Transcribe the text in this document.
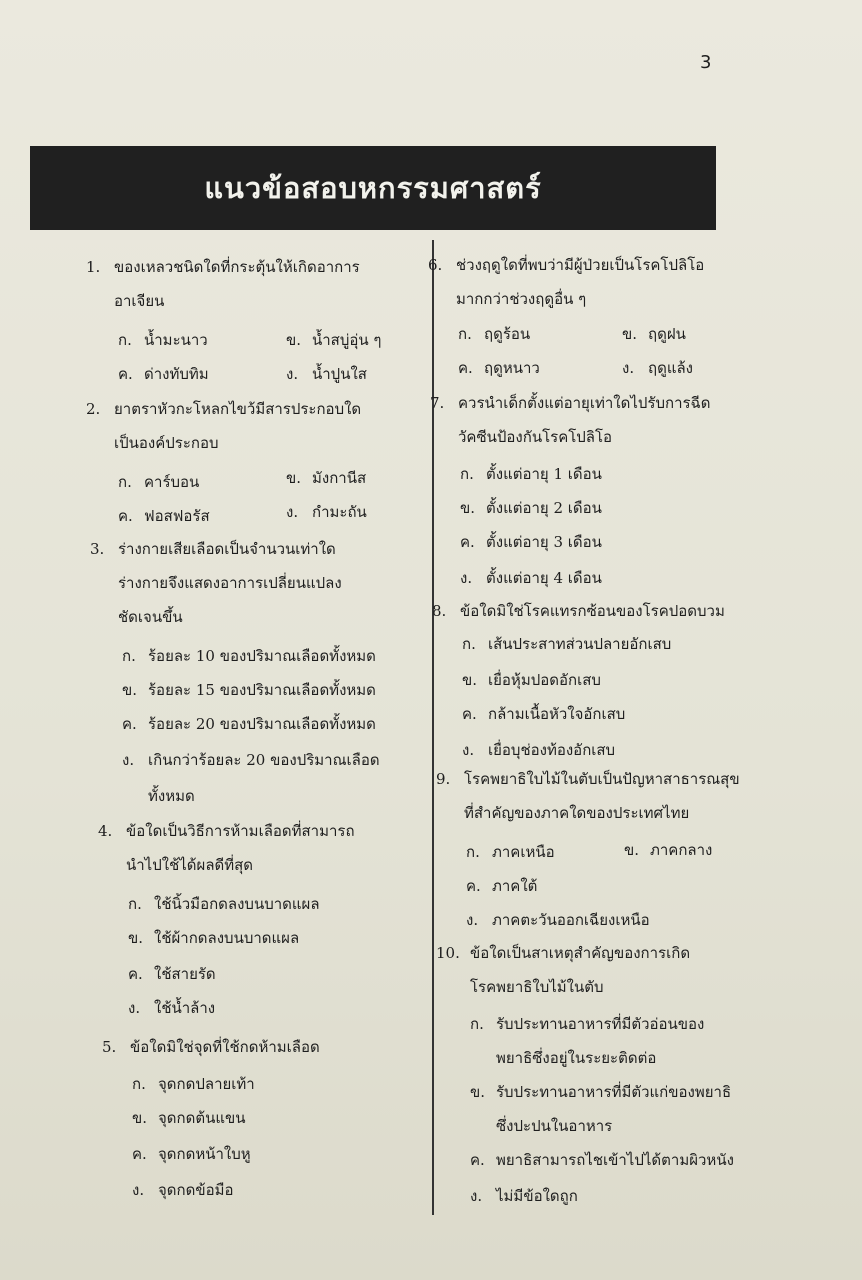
3
แนวข้อสอบหกรรมศาสตร์
1. ของเหลวชนิดใดที่กระตุ้นให้เกิดอาการ
อาเจียน
ก. น้ำมะนาว	ข. น้ำสบู่อุ่น ๆ
ค. ด่างทับทิม	ง. น้ำปูนใส
2. ยาตราหัวกะโหลกไขว้มีสารประกอบใด
เป็นองค์ประกอบ
ก. คาร์บอน	ข. มังกานีส
ค. ฟอสฟอรัส	ง. กำมะถัน
3. ร่างกายเสียเลือดเป็นจำนวนเท่าใด
ร่างกายจึงแสดงอาการเปลี่ยนแปลง
ชัดเจนขึ้น
ก. ร้อยละ 10 ของปริมาณเลือดทั้งหมด
ข. ร้อยละ 15 ของปริมาณเลือดทั้งหมด
ค. ร้อยละ 20 ของปริมาณเลือดทั้งหมด
ง. เกินกว่าร้อยละ 20 ของปริมาณเลือด
ทั้งหมด
4. ข้อใดเป็นวิธีการห้ามเลือดที่สามารถ
นำไปใช้ได้ผลดีที่สุด
ก. ใช้นิ้วมือกดลงบนบาดแผล
ข. ใช้ผ้ากดลงบนบาดแผล
ค. ใช้สายรัด
ง. ใช้น้ำล้าง
5. ข้อใดมิใช่จุดที่ใช้กดห้ามเลือด
ก. จุดกดปลายเท้า
ข. จุดกดต้นแขน
ค. จุดกดหน้าใบหู
ง. จุดกดข้อมือ
6. ช่วงฤดูใดที่พบว่ามีผู้ป่วยเป็นโรคโปลิโอ
มากกว่าช่วงฤดูอื่น ๆ
ก. ฤดูร้อน	ข. ฤดูฝน
ค. ฤดูหนาว	ง. ฤดูแล้ง
7. ควรนำเด็กตั้งแต่อายุเท่าใดไปรับการฉีด
วัคซีนป้องกันโรคโปลิโอ
ก. ตั้งแต่อายุ 1 เดือน
ข. ตั้งแต่อายุ 2 เดือน
ค. ตั้งแต่อายุ 3 เดือน
ง. ตั้งแต่อายุ 4 เดือน
8. ข้อใดมิใช่โรคแทรกซ้อนของโรคปอดบวม
ก. เส้นประสาทส่วนปลายอักเสบ
ข. เยื่อหุ้มปอดอักเสบ
ค. กล้ามเนื้อหัวใจอักเสบ
ง. เยื่อบุช่องท้องอักเสบ
9. โรคพยาธิใบไม้ในตับเป็นปัญหาสาธารณสุข
ที่สำคัญของภาคใดของประเทศไทย
ก. ภาคเหนือ	ข. ภาคกลาง
ค. ภาคใต้
ง. ภาคตะวันออกเฉียงเหนือ
10. ข้อใดเป็นสาเหตุสำคัญของการเกิด
โรคพยาธิใบไม้ในตับ
ก. รับประทานอาหารที่มีตัวอ่อนของ
พยาธิซึ่งอยู่ในระยะติดต่อ
ข. รับประทานอาหารที่มีตัวแก่ของพยาธิ
ซึ่งปะปนในอาหาร
ค. พยาธิสามารถไชเข้าไปได้ตามผิวหนัง
ง. ไม่มีข้อใดถูก
